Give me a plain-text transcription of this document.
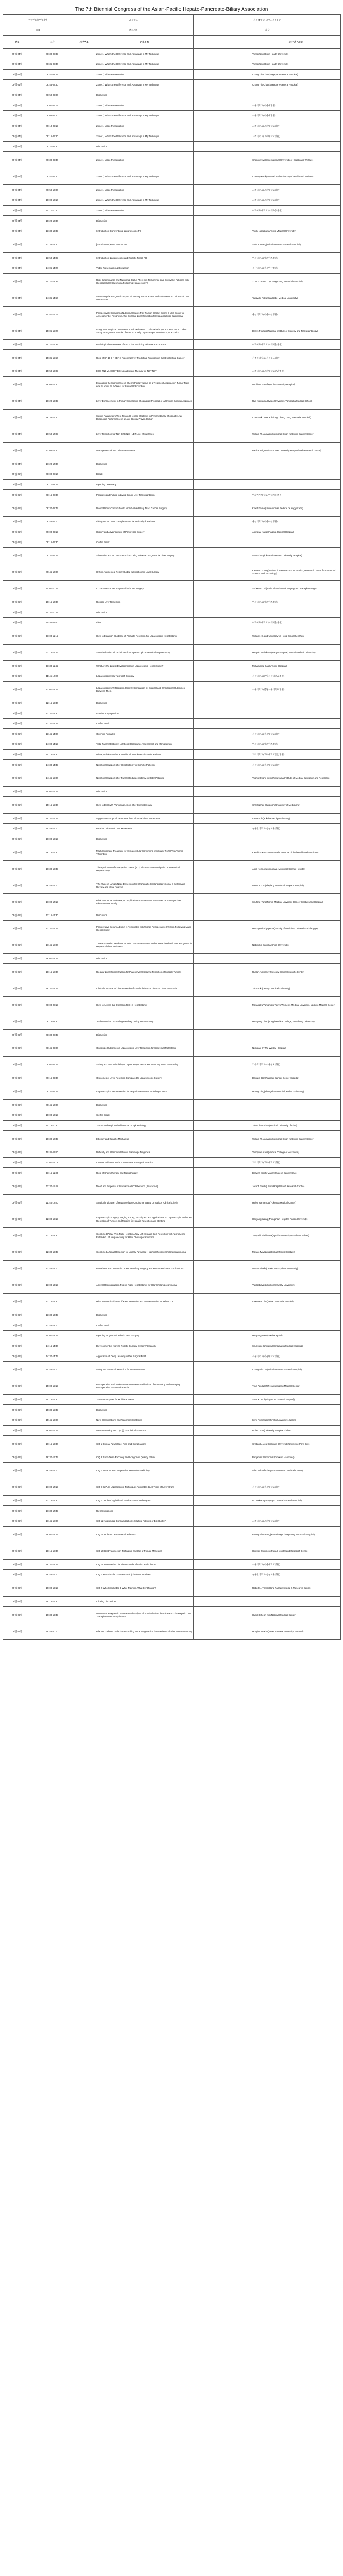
The 7th Biennial Congress of the Asian-Pacific Hepato-Pancreato-Biliary Association
한국어/일본어/영어		교육연도		서울 (4주년) 그랜드볼룸 (상)	
108		발표제목		좌장	
분류	시간	세션번호	논제목록		강사(연구소속)
09월 04일	08:30-08:35		Zone 1) What's the Difference and Advantage in My Technique		Yonsei Univ(Colin Health University)
09월 04일	08:35-08:40		Zone 1) What's the Difference and Advantage in My Technique		Yonsei Univ(Colin Health University)
09월 04일	08:40-08:45		Zone 1) Video Presentation		Chong Yik Chan(Singapore General Hospital)
09월 04일	08:45-08:50		Zone 1) What's the Difference and Advantage in My Technique		Chong Yik Chan(Singapore General Hospital)
09월 04일	08:50-09:00		Discussion		
09월 04일	09:00-09:05		Zone 1) Video Presentation		서울대학교(서울대병원)
09월 04일	09:05-09:10		Zone 1) What's the Difference and Advantage in My Technique		서울대학교(서울대병원)
09월 04일	09:10-09:15		Zone 1) Video Presentation		고려대학교(고려대학교병원)
09월 04일	09:15-09:20		Zone 1) What's the Difference and Advantage in My Technique		고려대학교(고려대학교병원)
09월 04일	09:20-09:30		Discussion		
09월 04일	09:30-09:40		Zone 1) Video Presentation		Chenny Kwok(International University of Health and Welfare)
09월 04일	09:40-09:50		Zone 1) What's the Difference and Advantage in My Technique		Chenny Kwok(International University of Health and Welfare)
09월 04일	09:50-10:00		Zone 1) Video Presentation		고려대학교(고려대학교병원)
09월 04일	10:00-10:10		Zone 1) What's the Difference and Advantage in My Technique		고려대학교(고려대학교병원)
09월 04일	10:10-10:20		Zone 1) Video Presentation		이화여자대학교(이대목동병원)
09월 04일	10:20-10:30		Discussion		
09월 04일	13:30-13:35		[Introduction] Conventional Laparoscopic PD		Yoichi Nagakawa(Tokyo Medical University)
09월 04일	13:35-13:50		[Introduction] Pure Robotic PD		Shiro E Wang(Taipei Veterans General Hospital)
09월 04일	13:50-14:05		[Introduction] Laparoscopic and Robotic Tulsali PD		연세대학교(세브란스병원)
09월 04일	14:05-14:20		Video Presentation & Discussion		울산대학교(서울아산병원)
09월 04일	14:20-14:35		Risk Determinants and Nutritional Status Affect the Recurrence and Survival of Patients with Hepatocellular Carcinoma Following Hepatectomy?		YUNG-YENG LU(Chang Gung Memorial Hospital)
09월 04일	14:35-14:50		Assessing the Prognostic Impact of Primary Tumor Extent and Sidedness on Colorectal Liver Metastases		Takayuki Fukunaga(Kobe Medical University)
09월 04일	14:50-15:05		Prospectively Comparing Nutritional Status Play Fusion Bracket Score-B YSS Score for Assessment of Prognosis After Curative Liver Resection for Hepatocellular Carcinoma		울산대학교(서울아산병원)
09월 04일	15:05-15:20		Long-Term Surgical Outcome of Total Excision of Choledochal Cyst: A Case-Cohort Cohort Study - Long-Term Results of Post 50 Totally Laparoscopic Arantious Cyst Excision		Denys Podtera(National Institute of Surgery and Transplantology)
09월 04일	15:20-15:35		Pathological Parameters of ABCs: for Predicting Disease Recurrence		이화여자대학교(이대서울병원)
09월 04일	15:35-15:50		Role of CA 19-9 / CEA in Preoperatively Predicting Prognosis in Gastrointestinal Cancer		가톨릭대학교(서울성모병원)
09월 04일	15:50-16:05		EUS-FNB vs. EBBT Bile Neoadjuvant Therapy for NET NET		고려대학교(고려대학교안암병원)
09월 04일	16:05-16:20		Evaluating the Significance of Chemotherapy Alone as a Treatment Approach in Tumor Ratio and Its Utility as a Target for Clinical Intervention		Dzulfikar Hanafie(Oulu University Hospital)
09월 04일	16:20-16:35		Liver Enhancement in Primary Sclerosing Cholangitis: Proposal of a Uniform Surgical Approach		Ryo Kuriyama(Hyogo University, Yamagata Medical School)
09월 04일	16:35-16:50		Serum Parameters Were Related Hepatic Steatosis in Primary Biliary Cholangitis: An Diagnostic Performance in a Liver Biopsy Proven Cohort		Chen Yuk Lan(Kaohsiung Chang Gung Memorial Hospital)
09월 04일	16:50-17:05		Liver Resection for Non-CRC/Non-NET Liver Metastases		William R. Jarnagin(Memorial Sloan Kettering Cancer Center)
09월 04일	17:05-17:20		Management of NET Liver Metastases		Patrick Jaigrand(Sorbonne University Hospital and Research Centre)
09월 04일	17:20-17:30		Discussion		
09월 05일	08:00-08:10		Break		
09월 05일	08:10-08:15		Opening Ceremony		
09월 05일	08:15-08:30		Progress and Future in Living Donor Liver Transplantation		이화여자대학교(이대서울병원)
09월 05일	08:30-08:45		Donor/Pacific Contribution to World-Wide Biliary Tract Cancer Surgery		Kokot Kemal(Universidade Federal de Yogyakarta)
09월 05일	08:45-09:00		Living Donor Liver Transplantation for Seriously Ill Patients		울산대학교(서울아산병원)
09월 05일	09:00-09:15		History and Advancement of Pancreatic Surgery		Akimasa Nakao(Nagoya Central Hospital)
09월 05일	09:15-09:30		Coffee Break		
09월 05일	09:30-09:45		Simulation and 3D Reconstruction Using Software Programs for Liver Surgery		Atsushi Sugioka(Fujita Health University Hospital)
09월 05일	09:45-10:00		Hybrid Augmented Reality Guided Navigation for Liver Surgery		Kien Bin Zhang(Institute for Research & Innovation, Research Center for Advanced Science and Technology)
09월 05일	10:00-10:15		ICG Fluorescence Image-Guided Liver Surgery		Sol Marin Daf(National Institute of Surgery and Transplantology)
09월 05일	10:15-10:30		Robotic Liver Resection		연세대학교(세브란스병원)
09월 05일	10:30-10:45		Discussion		
09월 05일	10:45-11:00		Liver		이화여자대학교(이대서울병원)
09월 05일	11:00-11:15		How to Establish Guideline of Parasite Resection for Laparoscopic Hepatectomy		Williams E. and University of Hong Kong Shenzhen
09월 05일	11:15-11:30		Standardization of Techniques for Laparoscopic Anatomical Hepatectomy		Hiroyuki Nishikawa(Hanyu Hospital, Kansai Medical University)
09월 05일	11:30-11:45		What Are the Latest Developments in Laparoscopic Hepatectomy?		Mohammed Saleh(Tongji Hospital)
09월 05일	11:45-12:00		Laparoscopic Hilar Approach Surgery		서울대학교(분당서울대학교병원)
09월 05일	12:00-12:15		Laparoscopic IVR Radiation Open?: Comparison of Surgical and Oncological Outcomes Between Them		서울대학교(분당서울대학교병원)
09월 05일	12:15-12:30		Discussion		
09월 05일	12:30-13:30		Luncheon Symposium		
09월 05일	13:30-13:45		Coffee Break		
09월 05일	13:45-14:00		Opening Remarks		서울대학교(서울대학교병원)
09월 05일	14:00-14:15		Total Pancreatectomy: Nutritional Screening, Assessment and Management		연세대학교(세브란스병원)
09월 05일	14:15-14:30		Dietary Advice and Oral Nutritional Supplement in Older Patients		고려대학교(고려대학교안암병원)
09월 05일	14:30-14:45		Nutritional Support after Hepatectomy in Cirrhotic Patients		서울대학교(서울대학교병원)
09월 05일	14:45-15:00		Nutritional Support after Pancreatoduodenectomy in Older Patients		Yoshio Okano Yoshi(Fukuyama Institute of Medical Education and Research)
09월 05일	15:00-15:15		Discussion		
09월 05일	15:15-15:30		How to Deal with Vanishing Lesion after Chemotherapy		Christopher Christophi(University of Melbourne)
09월 05일	15:30-15:45		Aggressive Surgical Treatments for Colorectal Liver Metastases		Itaru Endo(Yokohama City University)
09월 05일	15:45-16:00		RFA for Colorectal Liver Metastasis		성균관대학교(삼성서울병원)
09월 05일	16:00-16:15		Discussion		
09월 05일	16:15-16:30		Multidisciplinary Treatment for Hepatocellular Carcinoma with Major Portal Vein Tumor Thrombus		Kazuhiro Kokudo(National Center for Global Health and Medicine)
09월 05일	16:30-16:45		The Application of Indocyanine Green (ICG) Fluorescence Navigation in Anatomical Hepatectomy		Akira Konno(Nishinomiya Municipal Central Hospital)
09월 05일	16:45-17:00		The Value of Lymph Node Dissection for Intrahepatic Cholangiocarcinoma: a Systematic Review and Meta-Analysis		Wen-Lei Lun(Zhejiang Provincial People's Hospital)
09월 05일	17:00-17:15		Risk Factors for Pulmonary Complications After Hepatic Resection - A Retrospective Observational Study		Shufang Tang(Tianjin Medical University Cancer Institute and Hospital)
09월 05일	17:15-17:30		Discussion		
09월 05일	17:30-17:45		Preoperative Serum Albumin is Associated with Worse Postoperative Infection Following Major Hepatectomy		Harungoni Ariyapehta(Faculty of Medicine, Universitas Airlangga)
09월 05일	17:45-18:00		TIAP Expression Mediates Protein Cancer Metastasis and Is Associated with Poor Prognosis in Hepatocellular Carcinoma		Nobuhiko Sugioka(Chiba University)
09월 05일	18:00-18:15		Discussion		
09월 05일	18:15-18:30		Regular Liver Reconstruction for Parenchymal-Sparing Resection of Multiple Tumors		Ruslan Alikhanov(Moscow Clinical Scientific Center)
09월 05일	18:30-18:45		Clinical Outcome of Liver Resection for Malsubvisors Colorectal Liver Metastasis		Taku Aoki(Dokkyo Medical University)
09월 06일	08:00-08:15		How to Access the Operation Risk in Hepatectomy		Masakazu Yamamoto(Tokyo Women's Medical University, Yachiyo Medical Center)
09월 06일	08:15-08:30		Techniques for Controlling Bleeding During Hepatectomy		Hao-yang Chen(Tongji Medical College, Huazhong University)
09월 06일	08:30-08:45		Discussion		
09월 06일	08:45-09:00		Oncologic Outcomes of Laparoscopic Liver Resection for Colorectal Metastasis		Nicholas O'(The Wesley Hospital)
09월 06일	09:00-09:15		Safety and Reproducibility of Laparoscopic Donor Hepatectomy: Own Favorability		가톨릭대학교(서울성모병원)
09월 06일	09:15-09:30		Outcomes of Liver Resection Compared to Laparoscopic Surgery		Daisuke Ban(National Cancer Center Hospital)
09월 06일	09:30-09:45		Laparoscopic Liver Resection for Hepatic Metastasis Including ALPPS		Huang Ying(Zhongshan Hospital, Fudan University)
09월 06일	09:45-10:00		Discussion		
09월 06일	10:00-10:15		Coffee Break		
09월 06일	10:15-10:30		Trends and Regional Differences of Epidemiology		Jaime de Andrea(Medical University of Ohio)
09월 06일	10:30-10:45		Etiology and Genetic Mechanism		William R. Jarnagin(Memorial Sloan Kettering Cancer Center)
09월 06일	10:45-11:00		Difficulty and Standardization of Pathologic Diagnosis		Yoshiyuki Ataka(Medical College of Wisconsin)
09월 06일	11:00-11:15		Current Evidence and Controversies in Surgical Practice		고려대학교(고려대학교병원)
09월 06일	11:15-11:30		Role of Chemotherapy and Radiotherapy		Bhawna Sirohi(Max Institute of Cancer Care)
09월 06일	11:30-11:45		Need and Proposal of International Collaboration (Interactive)		Joseph Jaichl(Laxmi Hospital and Research Centre)
09월 06일	11:45-12:00		Surgical Indication of Hepatocellular Carcinoma Based on Various Clinical Criteria		Hideki Yamamoto(Fukuoka Medical Center)
09월 06일	12:00-12:15		Laparoscopic Surgery, Staging in Lap, Techniques and Applications on Laparoscopic and Open Resection of Tumors and Margins in Hepatic Resection and Stenting		Haoyang Wang(Zhongshan Hospital, Fudan University)
09월 06일	12:15-12:30		Combined Portal Vein Right Hepatic Artery Left Hepatic Duct Resection with Approach to Extended Left Hepatectomy for Hilar Cholangiocarcinoma		Tsuyoshi Nishizawa(Kyushu University Graduate School)
09월 06일	12:30-12:45		Combined Arterial Resection for Locally Advanced Hilar/Intrahepatic Cholangiocarcinoma		Masato Miyazawa(Chiba Medical Institute)
09월 06일	12:45-13:00		Portal Vein Reconstruction in Hepatobiliary Surgery and How to Reduce Complications		Masanori Hibi(Osaka Metropolitan University)
09월 06일	13:00-13:15		Arterial Reconstruction Post-in-Right Hepatectomy for Hilar Cholangiocarcinoma		Yuji Kobayashi(Yokohama City University)
09월 06일	13:15-13:30		Hilar Transection/Step-Off & HA Resection and Reconstruction for Hilar CCA		Lawrence Cho(Tainan Memorial Hospital)
09월 06일	13:30-13:45		Discussion		
09월 06일	13:45-14:00		Coffee Break		
09월 06일	14:00-14:15		Opening Program of Robotic HBP Surgery		Haoyang Wen(Fuxei Hospital)
09월 06일	14:15-14:30		Development of Korean Robotic Surgery System/Research		Shunsuke Ishikawa(Hamamatsu Medical Hospital)
09월 06일	14:30-14:45		Application of Deep Learning in the Surgical Field		서울대학교(서울대학교병원)
09월 06일	14:45-15:00		Adequate Extent of Resection for Invasive IPMN		Chung Vin Lee(Taipei Veterans General Hospital)
09월 06일	15:00-15:15		Postoperative and Perioperative Outcomes Validations of Preventing and Managing Postoperative Pancreatic Fistula		Thun Agidullah(Perantunggeng Medical Centre)
09월 06일	15:15-15:30		Treatment Option for Multifocal IPMN		Shan K. Goh(Singapore General Hospital)
09월 06일	15:30-15:45		Discussion		
09월 06일	15:45-16:00		New Classifications and Treatment Strategies		Kenji Rumasaki(Shinshu University, Japan)
09월 06일	16:00-16:15		Neo-Intervening and C(CI)(CS) Clinical Spectrum		Rober Cruz(University Hospital Chiba)
09월 06일	16:15-16:30		CQ 1: Clinical Advantage, Risk and Complications		Cristian L. Jou(Sorbonne University Université Paris Cité)
09월 06일	16:30-16:45		CQ 8: Short-Term Recovery and Long-Term Quality of Life		Benjamin Sammonds(Klinikum Hannover)
09월 06일	16:45-17:00		CQ 7: Does MDRI Compromise Resection Morbidity?		Allen Scharfenberg(Southwestern Medical Center)
09월 06일	17:00-17:15		CQ 9: Is Pure Laparoscopic Techniques Applicable to All Types of Liver Grafts		서울대학교(서울대학교병원)
09월 06일	17:15-17:30		CQ 10: Role of Hybrid and Hand-Assisted Techniques		Go Wakabayashi(Ageo Central General Hospital)
09월 06일	17:30-17:45		Retransmissions		
09월 06일	17:45-18:00		CQ 11: Anatomical Contraindications (Multiple Arteries or Bile Ducts?)		고려대학교(고려대학교병원)
09월 06일	18:00-18:15		CQ 17: Role and Rationale of Robotics		Fwung Shu Wang(Kaohsiung Chang Gung Memorial Hospital)
09월 06일	18:15-18:30		CQ 17: Best Transection Technique and Use of Pringle Maneuver		Hiroyuki Morimoto(Fujita Hospital and Research Centre)
09월 06일	18:30-18:45		CQ 18: Best Method for Bile Duct Identification and Closure		서울대학교(서울대학교병원)
09월 06일	18:45-19:00		CQ 1: How Shouls Graft Removal (Choice of Incision)		성균관대학교(삼성서울병원)
09월 06일	19:00-19:15		CQ 2: Who Should Do It: What Training, What Certification?		Robert L. Timon(Hong Paradi Hospital & Research Centre)
09월 06일	19:15-19:30		Closing Discussion		
09월 06일	19:30-19:45		Multicenter Prognostic Score-Based Analysis of Survival After Chronic Bam-Zoho Hepatic Liver Transplantation Study in Asia		Hyeok Cheon Kim(National Medical Center)
09월 06일	19:45-20:00		Bladder Catheter Selection According to the Prognostic Characteristics of After Pancreatectomy		Hongbeom Kim(Seoul National University Hospital)
